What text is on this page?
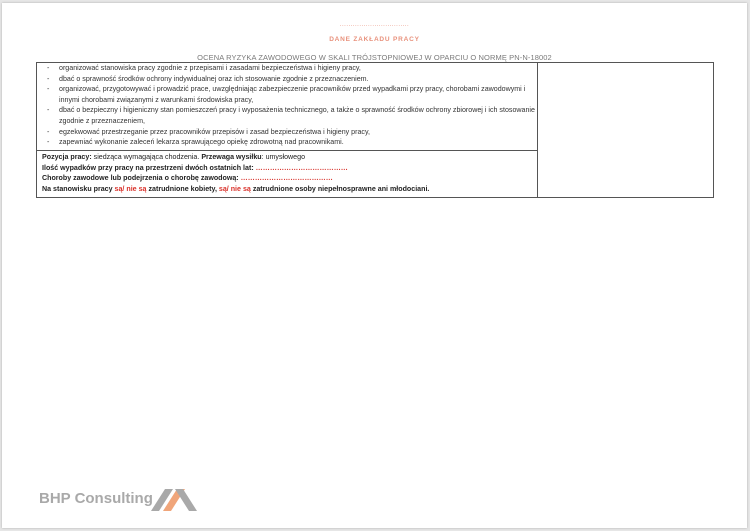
................................
DANE ZAKŁADU PRACY
OCENA RYZYKA ZAWODOWEGO W SKALI TRÓJSTOPNIOWEJ W OPARCIU O NORMĘ PN-N-18002
- organizować stanowiska pracy zgodnie z przepisami i zasadami bezpieczeństwa i higieny pracy,
- dbać o sprawność środków ochrony indywidualnej oraz ich stosowanie zgodnie z przeznaczeniem.
- organizować, przygotowywać i prowadzić prace, uwzględniając zabezpieczenie pracowników przed wypadkami przy pracy, chorobami zawodowymi i innymi chorobami związanymi z warunkami środowiska pracy,
- dbać o bezpieczny i higieniczny stan pomieszczeń pracy i wyposażenia technicznego, a także o sprawność środków ochrony zbiorowej i ich stosowanie zgodnie z przeznaczeniem,
- egzekwować przestrzeganie przez pracowników przepisów i zasad bezpieczeństwa i higieny pracy,
- zapewniać wykonanie zaleceń lekarza sprawującego opiekę zdrowotną nad pracownikami.
Pozycja pracy: siedząca wymagająca chodzenia. Przewaga wysiłku: umysłowego
Ilość wypadków przy pracy na przestrzeni dwóch ostatnich lat: …………………………………
Choroby zawodowe lub podejrzenia o chorobę zawodową: …………………………………
Na stanowisku pracy są/ nie są zatrudnione kobiety, są/ nie są zatrudnione osoby niepełnosprawne ani młodociani.
BHP Consulting
